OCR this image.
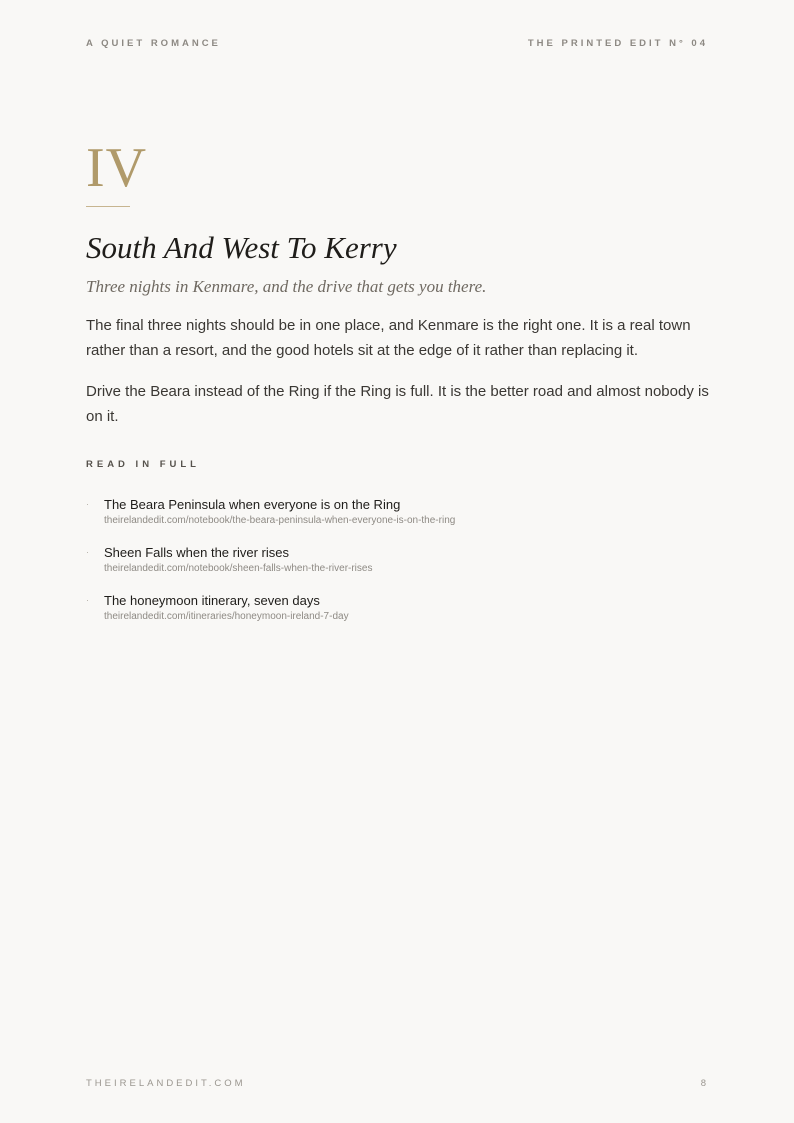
A QUIET ROMANCE	THE PRINTED EDIT N° 04
IV
South And West To Kerry
Three nights in Kenmare, and the drive that gets you there.

The final three nights should be in one place, and Kenmare is the right one. It is a real town rather than a resort, and the good hotels sit at the edge of it rather than replacing it.

Drive the Beara instead of the Ring if the Ring is full. It is the better road and almost nobody is on it.

READ IN FULL
· The Beara Peninsula when everyone is on the Ring
theirelandedit.com/notebook/the-beara-peninsula-when-everyone-is-on-the-ring
· Sheen Falls when the river rises
theirelandedit.com/notebook/sheen-falls-when-the-river-rises
· The honeymoon itinerary, seven days
theirelandedit.com/itineraries/honeymoon-ireland-7-day
THEIRELANDEDIT.COM	8
